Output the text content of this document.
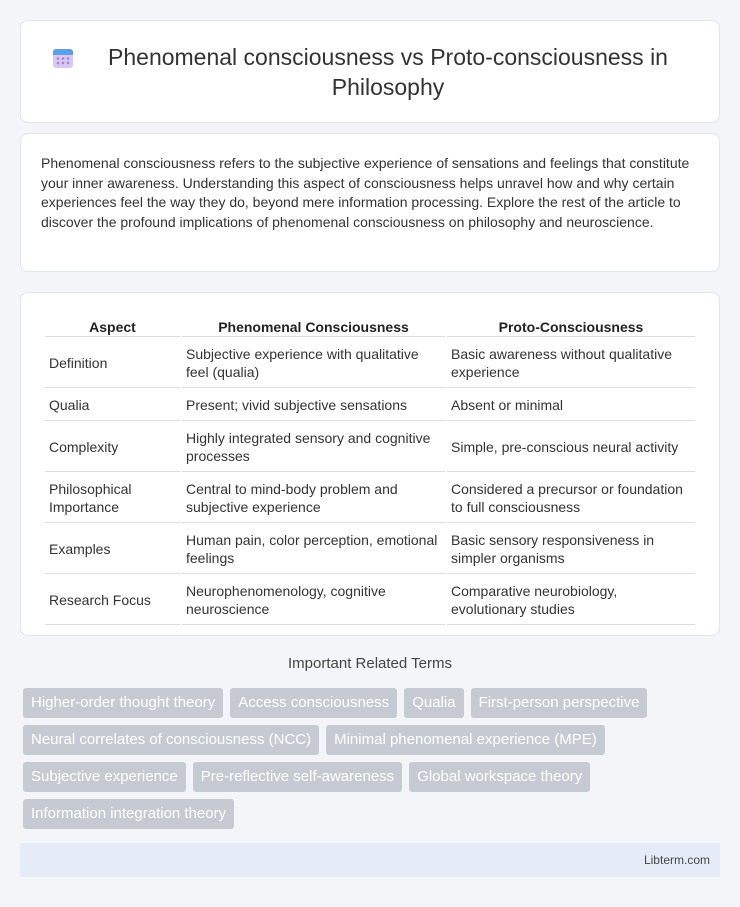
Phenomenal consciousness vs Proto-consciousness in Philosophy

Phenomenal consciousness refers to the subjective experience of sensations and feelings that constitute your inner awareness. Understanding this aspect of consciousness helps unravel how and why certain experiences feel the way they do, beyond mere information processing. Explore the rest of the article to discover the profound implications of phenomenal consciousness on philosophy and neuroscience.

Aspect	Phenomenal Consciousness	Proto-Consciousness
Definition	Subjective experience with qualitative feel (qualia)	Basic awareness without qualitative experience
Qualia	Present; vivid subjective sensations	Absent or minimal
Complexity	Highly integrated sensory and cognitive processes	Simple, pre-conscious neural activity
Philosophical Importance	Central to mind-body problem and subjective experience	Considered a precursor or foundation to full consciousness
Examples	Human pain, color perception, emotional feelings	Basic sensory responsiveness in simpler organisms
Research Focus	Neurophenomenology, cognitive neuroscience	Comparative neurobiology, evolutionary studies
Important Related Terms
Higher-order thought theory	Access consciousness	Qualia	First-person perspective
Neural correlates of consciousness (NCC)	Minimal phenomenal experience (MPE)
Subjective experience	Pre-reflective self-awareness	Global workspace theory
Information integration theory
Libterm.com
